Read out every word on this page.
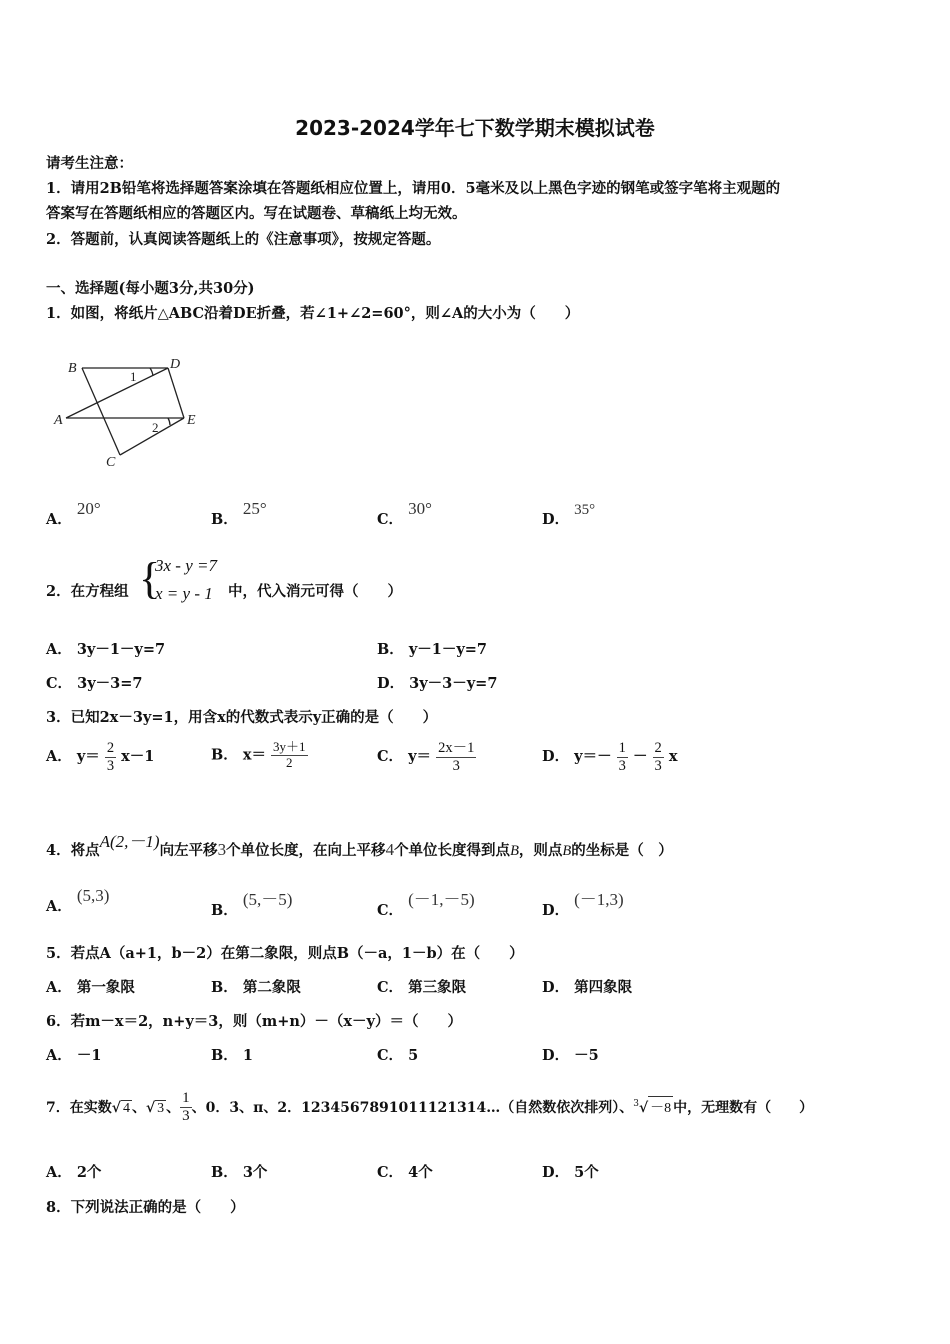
2023-2024学年七下数学期末模拟试卷
请考生注意：
1．请用2B铅笔将选择题答案涂填在答题纸相应位置上，请用0．5毫米及以上黑色字迹的钢笔或签字笔将主观题的
答案写在答题纸相应的答题区内。写在试题卷、草稿纸上均无效。
2．答题前，认真阅读答题纸上的《注意事项》，按规定答题。
一、选择题(每小题3分,共30分)
1．如图，将纸片△ABC沿着DE折叠，若∠1+∠2=60°，则∠A的大小为（　　）
B	D
A	E
C
1
2
A． 20°
B． 25°
C． 30°
D． 35°
2．在方程组 {
3x - y =7
x = y - 1 中，代入消元可得（　　）
A． 3y－1－y=7	B． y－1－y=7
C． 3y－3=7	D． 3y－3－y=7
3．已知2x－3y=1，用含x的代数式表示y正确的是（　　）
A． $y= \frac{2}{3} x-1$	B． $x= \frac{3y+1}{2}$	C． $y= \frac{2x-1}{3}$	D． $y=- \frac{1}{3} - \frac{2}{3}$ x
4．将点A(2,－1)向左平移3个单位长度，在向上平移4个单位长度得到点B，则点B的坐标是（　）
A． (5,3)
B． (5,－5)
C． (－1,－5)
D． (－1,3)
5．若点A（a+1，b－2）在第二象限，则点B（－a，1－b）在（　　）
A． 第一象限	B． 第二象限	C． 第三象限	D． 第四象限
6．若m－x＝2，n+y＝3，则（m+n）－（x－y）＝（　　）
A． －1	B． 1	C． 5	D． －5
7．在实数√ 4 、√ 3 、 $\frac{1}{3}$ 、0．3̇、π、2．1234567891011121314…（自然数依次排列）、$^3$√ －8 中，无理数有（　　）
A． 2个	B． 3个	C． 4个	D． 5个
8．下列说法正确的是（　　）
